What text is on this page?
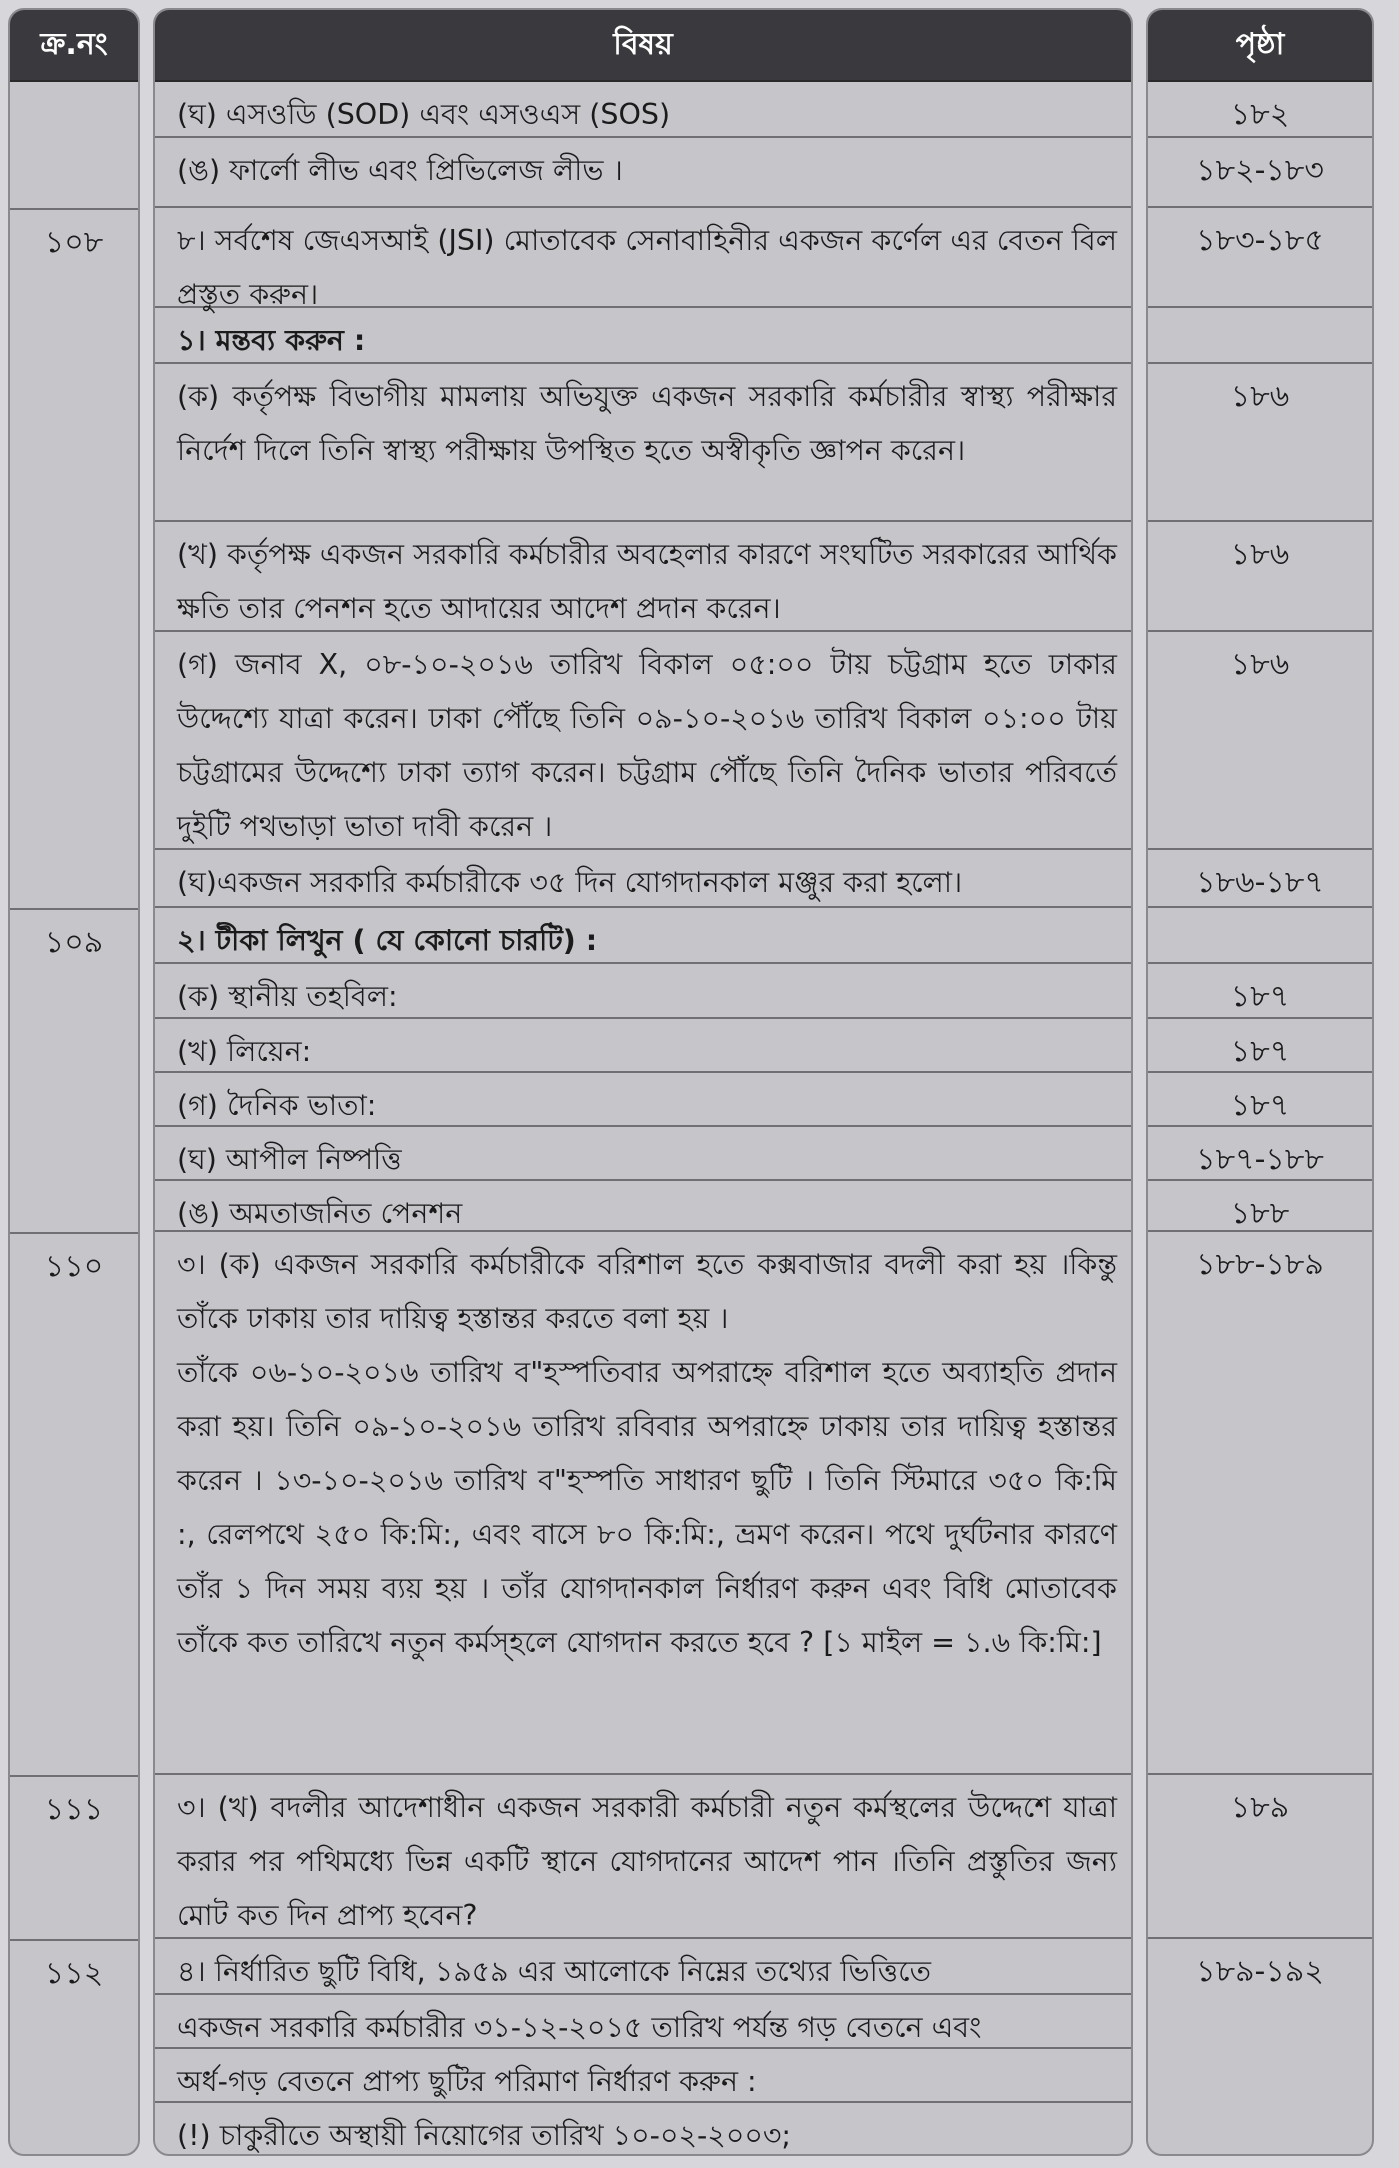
ক্র.নং
১০৮
১০৯
১১০
১১১
১১২
বিষয়
(ঘ) এসওডি (SOD) এবং এসওএস (SOS)
(ঙ) ফার্লো লীভ এবং প্রিভিলেজ লীভ ।
৮। সর্বশেষ জেএসআই (JSI) মোতাবেক সেনাবাহিনীর একজন কর্ণেল এর বেতন বিল প্রস্তুত করুন।
১। মন্তব্য করুন :
(ক) কর্তৃপক্ষ বিভাগীয় মামলায় অভিযুক্ত একজন সরকারি কর্মচারীর স্বাস্থ্য পরীক্ষার নির্দেশ দিলে তিনি স্বাস্থ্য পরীক্ষায় উপস্থিত হতে অস্বীকৃতি জ্ঞাপন করেন।
(খ) কর্তৃপক্ষ একজন সরকারি কর্মচারীর অবহেলার কারণে সংঘটিত সরকারের আর্থিক ক্ষতি তার পেনশন হতে আদায়ের আদেশ প্রদান করেন।
(গ) জনাব X, ০৮-১০-২০১৬ তারিখ বিকাল ০৫:০০ টায় চট্টগ্রাম হতে ঢাকার উদ্দেশ্যে যাত্রা করেন। ঢাকা পৌঁছে তিনি ০৯-১০-২০১৬ তারিখ বিকাল ০১:০০ টায় চট্টগ্রামের উদ্দেশ্যে ঢাকা ত্যাগ করেন। চট্টগ্রাম পৌঁছে তিনি দৈনিক ভাতার পরিবর্তে দুইটি পথভাড়া ভাতা দাবী করেন ।
(ঘ)একজন সরকারি কর্মচারীকে ৩৫ দিন যোগদানকাল মঞ্জুর করা হলো।
২। টীকা লিখুন ( যে কোনো চারটি) :
(ক) স্থানীয় তহবিল:
(খ) লিয়েন:
(গ) দৈনিক ভাতা:
(ঘ) আপীল নিষ্পত্তি
(ঙ) অমতাজনিত পেনশন
৩। (ক) একজন সরকারি কর্মচারীকে বরিশাল হতে কক্সবাজার বদলী করা হয় ।কিন্তু তাঁকে ঢাকায় তার দায়িত্ব হস্তান্তর করতে বলা হয় ।
তাঁকে ০৬-১০-২০১৬ তারিখ ব"হস্পতিবার অপরাহ্নে বরিশাল হতে অব্যাহতি প্রদান করা হয়। তিনি ০৯-১০-২০১৬ তারিখ রবিবার অপরাহ্নে ঢাকায় তার দায়িত্ব হস্তান্তর করেন । ১৩-১০-২০১৬ তারিখ ব"হস্পতি সাধারণ ছুটি । তিনি স্টিমারে ৩৫০ কি:মি :, রেলপথে ২৫০ কি:মি:, এবং বাসে ৮০ কি:মি:, ভ্রমণ করেন। পথে দুর্ঘটনার কারণে তাঁর ১ দিন সময় ব্যয় হয় । তাঁর যোগদানকাল নির্ধারণ করুন এবং বিধি মোতাবেক তাঁকে কত তারিখে নতুন কর্মস্হলে যোগদান করতে হবে ? [১ মাইল = ১.৬ কি:মি:]
৩। (খ) বদলীর আদেশাধীন একজন সরকারী কর্মচারী নতুন কর্মস্থলের উদ্দেশে যাত্রা করার পর পথিমধ্যে ভিন্ন একটি স্থানে যোগদানের আদেশ পান ।তিনি প্রস্তুতির জন্য মোট কত দিন প্রাপ্য হবেন?
৪। নির্ধারিত ছুটি বিধি, ১৯৫৯ এর আলোকে নিম্নের তথ্যের ভিত্তিতে
একজন সরকারি কর্মচারীর ৩১-১২-২০১৫ তারিখ পর্যন্ত গড় বেতনে এবং
অর্ধ-গড় বেতনে প্রাপ্য ছুটির পরিমাণ নির্ধারণ করুন :
(!) চাকুরীতে অস্থায়ী নিয়োগের তারিখ ১০-০২-২০০৩;
পৃষ্ঠা
১৮২
১৮২-১৮৩
১৮৩-১৮৫
১৮৬
১৮৬
১৮৬
১৮৬-১৮৭
১৮৭
১৮৭
১৮৭
১৮৭-১৮৮
১৮৮
১৮৮-১৮৯
১৮৯
১৮৯-১৯২
